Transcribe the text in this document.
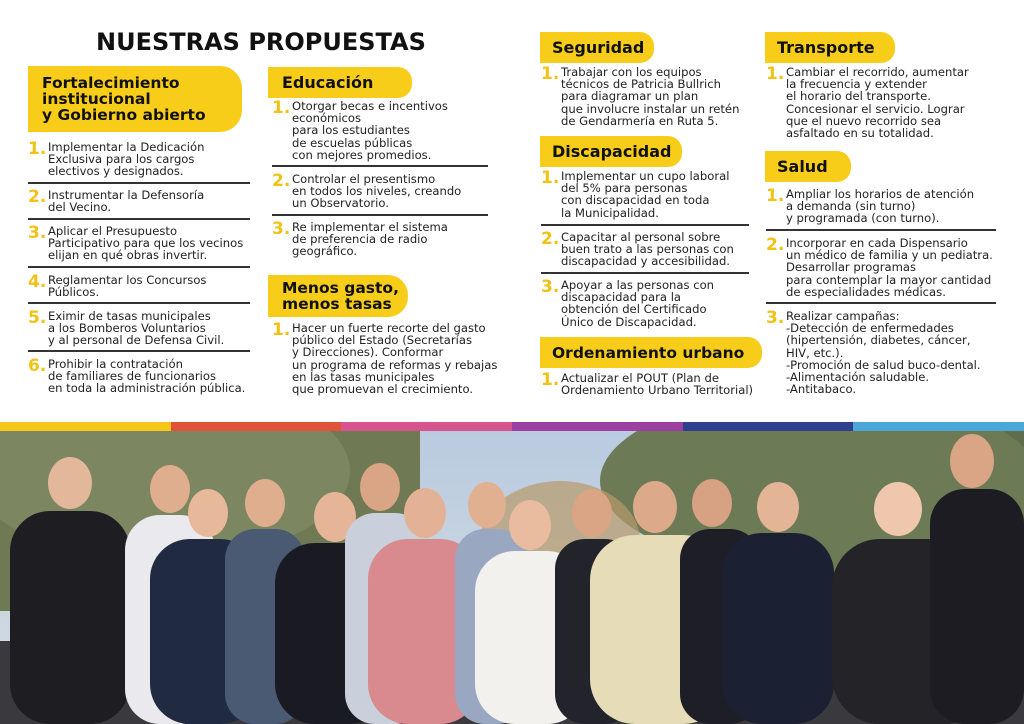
NUESTRAS PROPUESTAS
Fortalecimiento
institucional
y Gobierno abierto
1. Implementar la Dedicación
Exclusiva para los cargos
electivos y designados.
2. Instrumentar la Defensoría
del Vecino.
3. Aplicar el Presupuesto
Participativo para que los vecinos
elijan en qué obras invertir.
4. Reglamentar los Concursos
Públicos.
5. Eximir de tasas municipales
a los Bomberos Voluntarios
y al personal de Defensa Civil.
6. Prohibir la contratación
de familiares de funcionarios
en toda la administración pública.
Educación
1. Otorgar becas e incentivos
económicos
para los estudiantes
de escuelas públicas
con mejores promedios.
2. Controlar el presentismo
en todos los niveles, creando
un Observatorio.
3. Re implementar el sistema
de preferencia de radio
geográfico.
Menos gasto,
menos tasas
1. Hacer un fuerte recorte del gasto
público del Estado (Secretarías
y Direcciones). Conformar
un programa de reformas y rebajas
en las tasas municipales
que promuevan el crecimiento.
Seguridad
1. Trabajar con los equipos
técnicos de Patricia Bullrich
para diagramar un plan
que involucre instalar un retén
de Gendarmería en Ruta 5.
Discapacidad
1. Implementar un cupo laboral
del 5% para personas
con discapacidad en toda
la Municipalidad.
2. Capacitar al personal sobre
buen trato a las personas con
discapacidad y accesibilidad.
3. Apoyar a las personas con
discapacidad para la
obtención del Certificado
Único de Discapacidad.
Ordenamiento urbano
1. Actualizar el POUT (Plan de
Ordenamiento Urbano Territorial)
Transporte
1. Cambiar el recorrido, aumentar
la frecuencia y extender
el horario del transporte.
Concesionar el servicio. Lograr
que el nuevo recorrido sea
asfaltado en su totalidad.
Salud
1. Ampliar los horarios de atención
a demanda (sin turno)
y programada (con turno).
2. Incorporar en cada Dispensario
un médico de familia y un pediatra.
Desarrollar programas
para contemplar la mayor cantidad
de especialidades médicas.
3. Realizar campañas:
-Detección de enfermedades
(hipertensión, diabetes, cáncer,
HIV, etc.).
-Promoción de salud buco-dental.
-Alimentación saludable.
-Antitabaco.
